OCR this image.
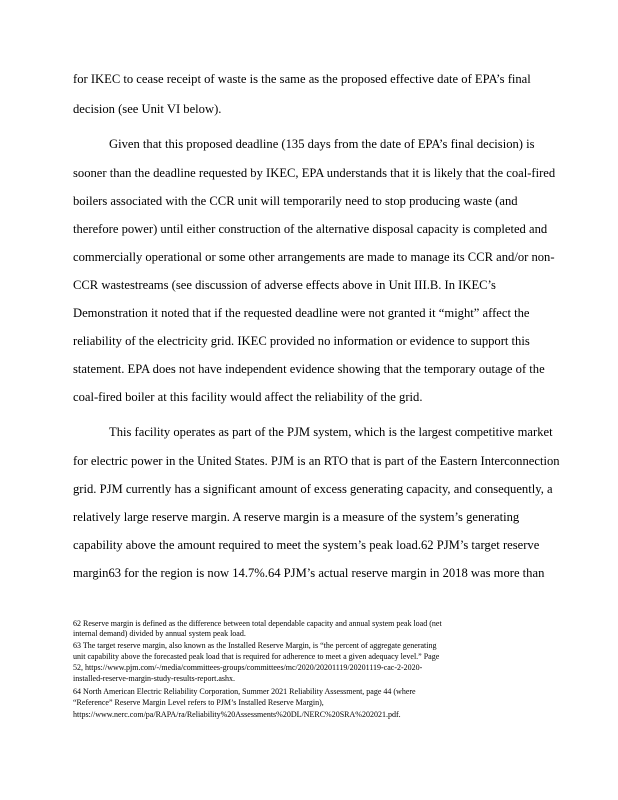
for IKEC to cease receipt of waste is the same as the proposed effective date of EPA’s final
decision (see Unit VI below).
Given that this proposed deadline (135 days from the date of EPA’s final decision) is
sooner than the deadline requested by IKEC, EPA understands that it is likely that the coal-fired
boilers associated with the CCR unit will temporarily need to stop producing waste (and
therefore power) until either construction of the alternative disposal capacity is completed and
commercially operational or some other arrangements are made to manage its CCR and/or non-
CCR wastestreams (see discussion of adverse effects above in Unit III.B. In IKEC’s
Demonstration it noted that if the requested deadline were not granted it “might” affect the
reliability of the electricity grid. IKEC provided no information or evidence to support this
statement. EPA does not have independent evidence showing that the temporary outage of the
coal-fired boiler at this facility would affect the reliability of the grid.
This facility operates as part of the PJM system, which is the largest competitive market
for electric power in the United States. PJM is an RTO that is part of the Eastern Interconnection
grid. PJM currently has a significant amount of excess generating capacity, and consequently, a
relatively large reserve margin. A reserve margin is a measure of the system’s generating
capability above the amount required to meet the system’s peak load.62 PJM’s target reserve
margin63 for the region is now 14.7%.64 PJM’s actual reserve margin in 2018 was more than
62 Reserve margin is defined as the difference between total dependable capacity and annual system peak load (net
internal demand) divided by annual system peak load.
63 The target reserve margin, also known as the Installed Reserve Margin, is “the percent of aggregate generating
unit capability above the forecasted peak load that is required for adherence to meet a given adequacy level.” Page
52, https://www.pjm.com/-/media/committees-groups/committees/mc/2020/20201119/20201119-cac-2-2020-
installed-reserve-margin-study-results-report.ashx.
64 North American Electric Reliability Corporation, Summer 2021 Reliability Assessment, page 44 (where
“Reference” Reserve Margin Level refers to PJM’s Installed Reserve Margin),
https://www.nerc.com/pa/RAPA/ra/Reliability%20Assessments%20DL/NERC%20SRA%202021.pdf.
